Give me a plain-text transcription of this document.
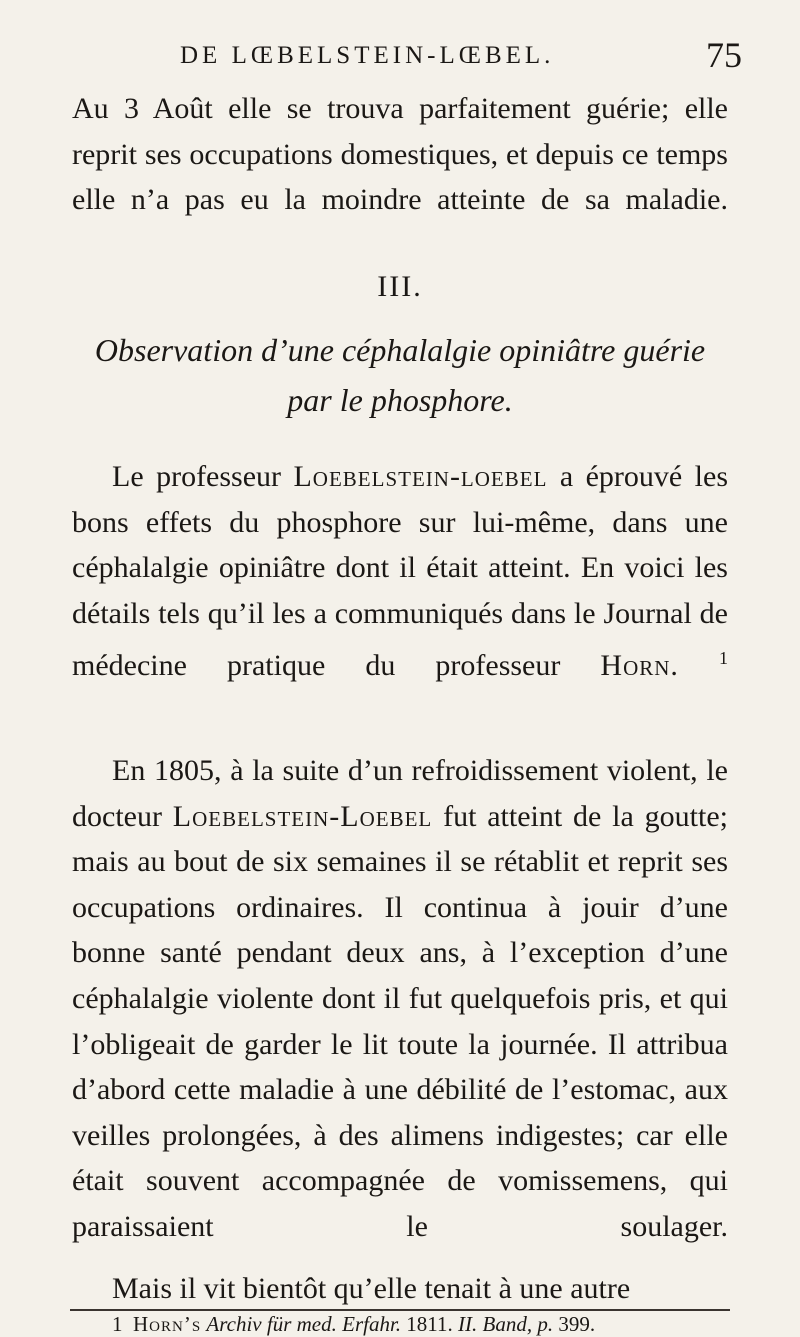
DE LŒBELSTEIN-LŒBEL.	75

Au 3 Août elle se trouva parfaitement guérie; elle reprit ses occupations domestiques, et depuis ce temps elle n’a pas eu la moindre atteinte de sa maladie.

III.

Observation d’une céphalalgie opiniâtre guérie

par le phosphore.

Le professeur Loebelstein-loebel a éprouvé les bons effets du phosphore sur lui-même, dans une céphalalgie opiniâtre dont il était atteint. En voici les détails tels qu’il les a communiqués dans le Journal de médecine pratique du professeur Horn. $^1$

En 1805, à la suite d’un refroidissement violent, le docteur Loebelstein-Loebel fut atteint de la goutte; mais au bout de six semaines il se rétablit et reprit ses occupations ordinaires. Il continua à jouir d’une bonne santé pendant deux ans, à l’exception d’une céphalalgie violente dont il fut quelquefois pris, et qui l’obligeait de garder le lit toute la journée. Il attribua d’abord cette maladie à une débilité de l’estomac, aux veilles prolongées, à des alimens indigestes; car elle était souvent accompagnée de vomissemens, qui paraissaient le soulager.

Mais il vit bientôt qu’elle tenait à une autre

1 Horn’s Archiv für med. Erfahr. 1811. II. Band, p. 399.
